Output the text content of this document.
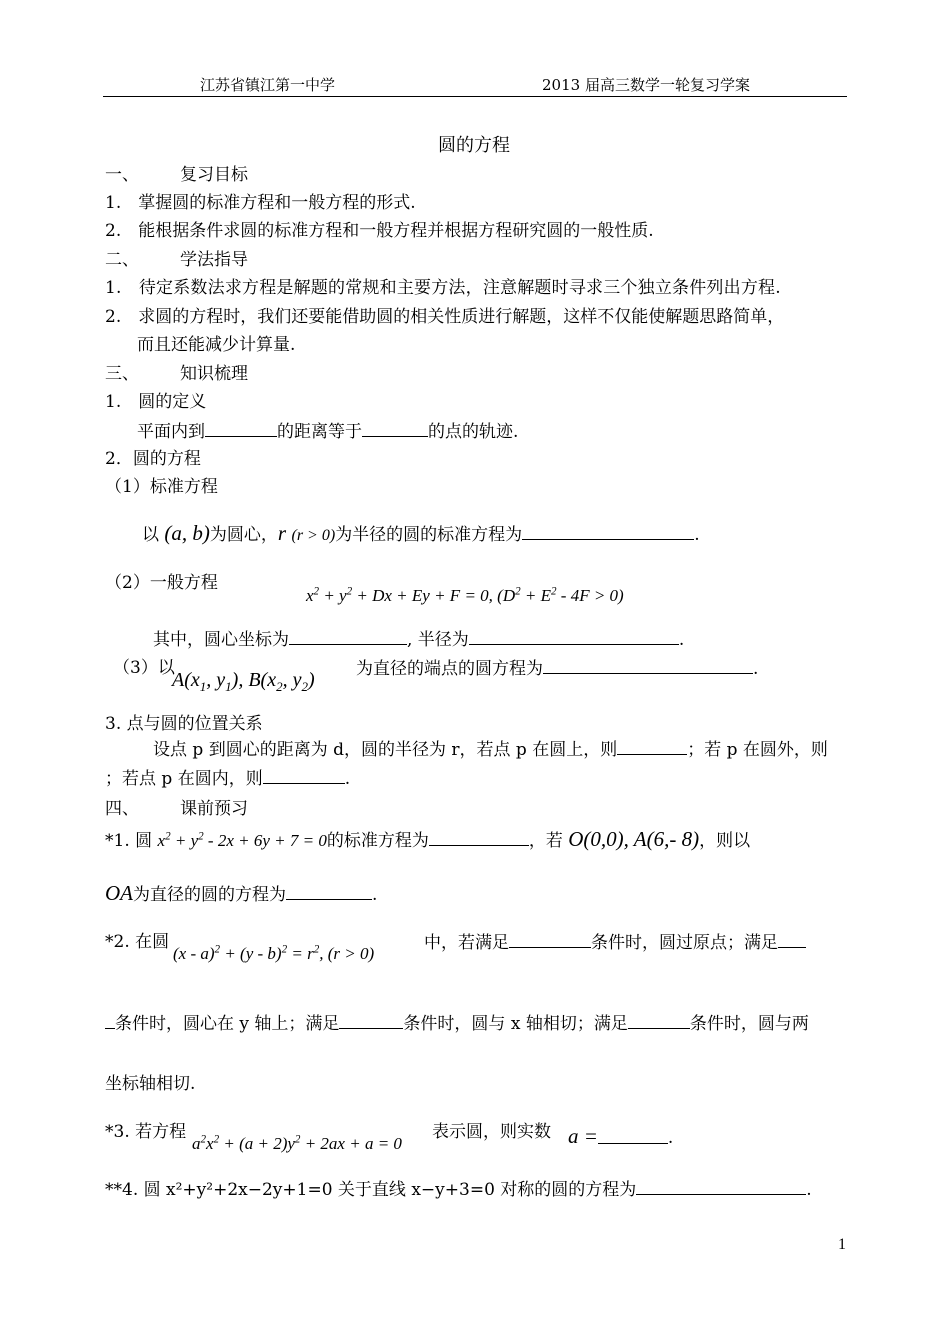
江苏省镇江第一中学	2013 届高三数学一轮复习学案
圆的方程
一、 复习目标
1.　掌握圆的标准方程和一般方程的形式.
2.　能根据条件求圆的标准方程和一般方程并根据方程研究圆的一般性质.
二、 学法指导
1.　待定系数法求方程是解题的常规和主要方法，注意解题时寻求三个独立条件列出方程.
2.　求圆的方程时，我们还要能借助圆的相关性质进行解题，这样不仅能使解题思路简单，
而且还能减少计算量.
三、 知识梳理
1.　圆的定义
平面内到	的距离等于	的点的轨迹.
2．圆的方程
（1）标准方程
以 (a, b)为圆心，r (r > 0)为半径的圆的标准方程为	.
（2）一般方程
$x^2 + y^2 + Dx + Ey + F = 0$, $(D^2 + E^2 - 4F > 0)$
其中，圆心坐标为	, 半径为	.
（3）以
$A(x_1$, $y_1$), $B(x_2$, $y_2$) 为直径的端点的圆方程为	.
3. 点与圆的位置关系
设点 p 到圆心的距离为 d，圆的半径为 r，若点 p 在圆上，则	；若 p 在圆外，则
；若点 p 在圆内，则	.
四、 课前预习
*1. 圆 $x^2 + y^2 - 2x + 6y + 7 = 0$的标准方程为	，若 O(0,0), A(6,- 8)，则以
OA为直径的圆的方程为	.
*2. 在圆
$(x - a)^2 + (y - b)^2 = r^2$, (r > 0)
中，若满足	条件时，圆过原点；满足
条件时，圆心在 y 轴上；满足	条件时，圆与 x 轴相切；满足	条件时，圆与两
坐标轴相切.
*3. 若方程
$a^2x^2 + (a + 2)y^2 + 2ax + a = 0$
表示圆，则实数 a =	.
**4. 圆 x²+y²+2x−2y+1=0 关于直线 x−y+3=0 对称的圆的方程为	.
1
